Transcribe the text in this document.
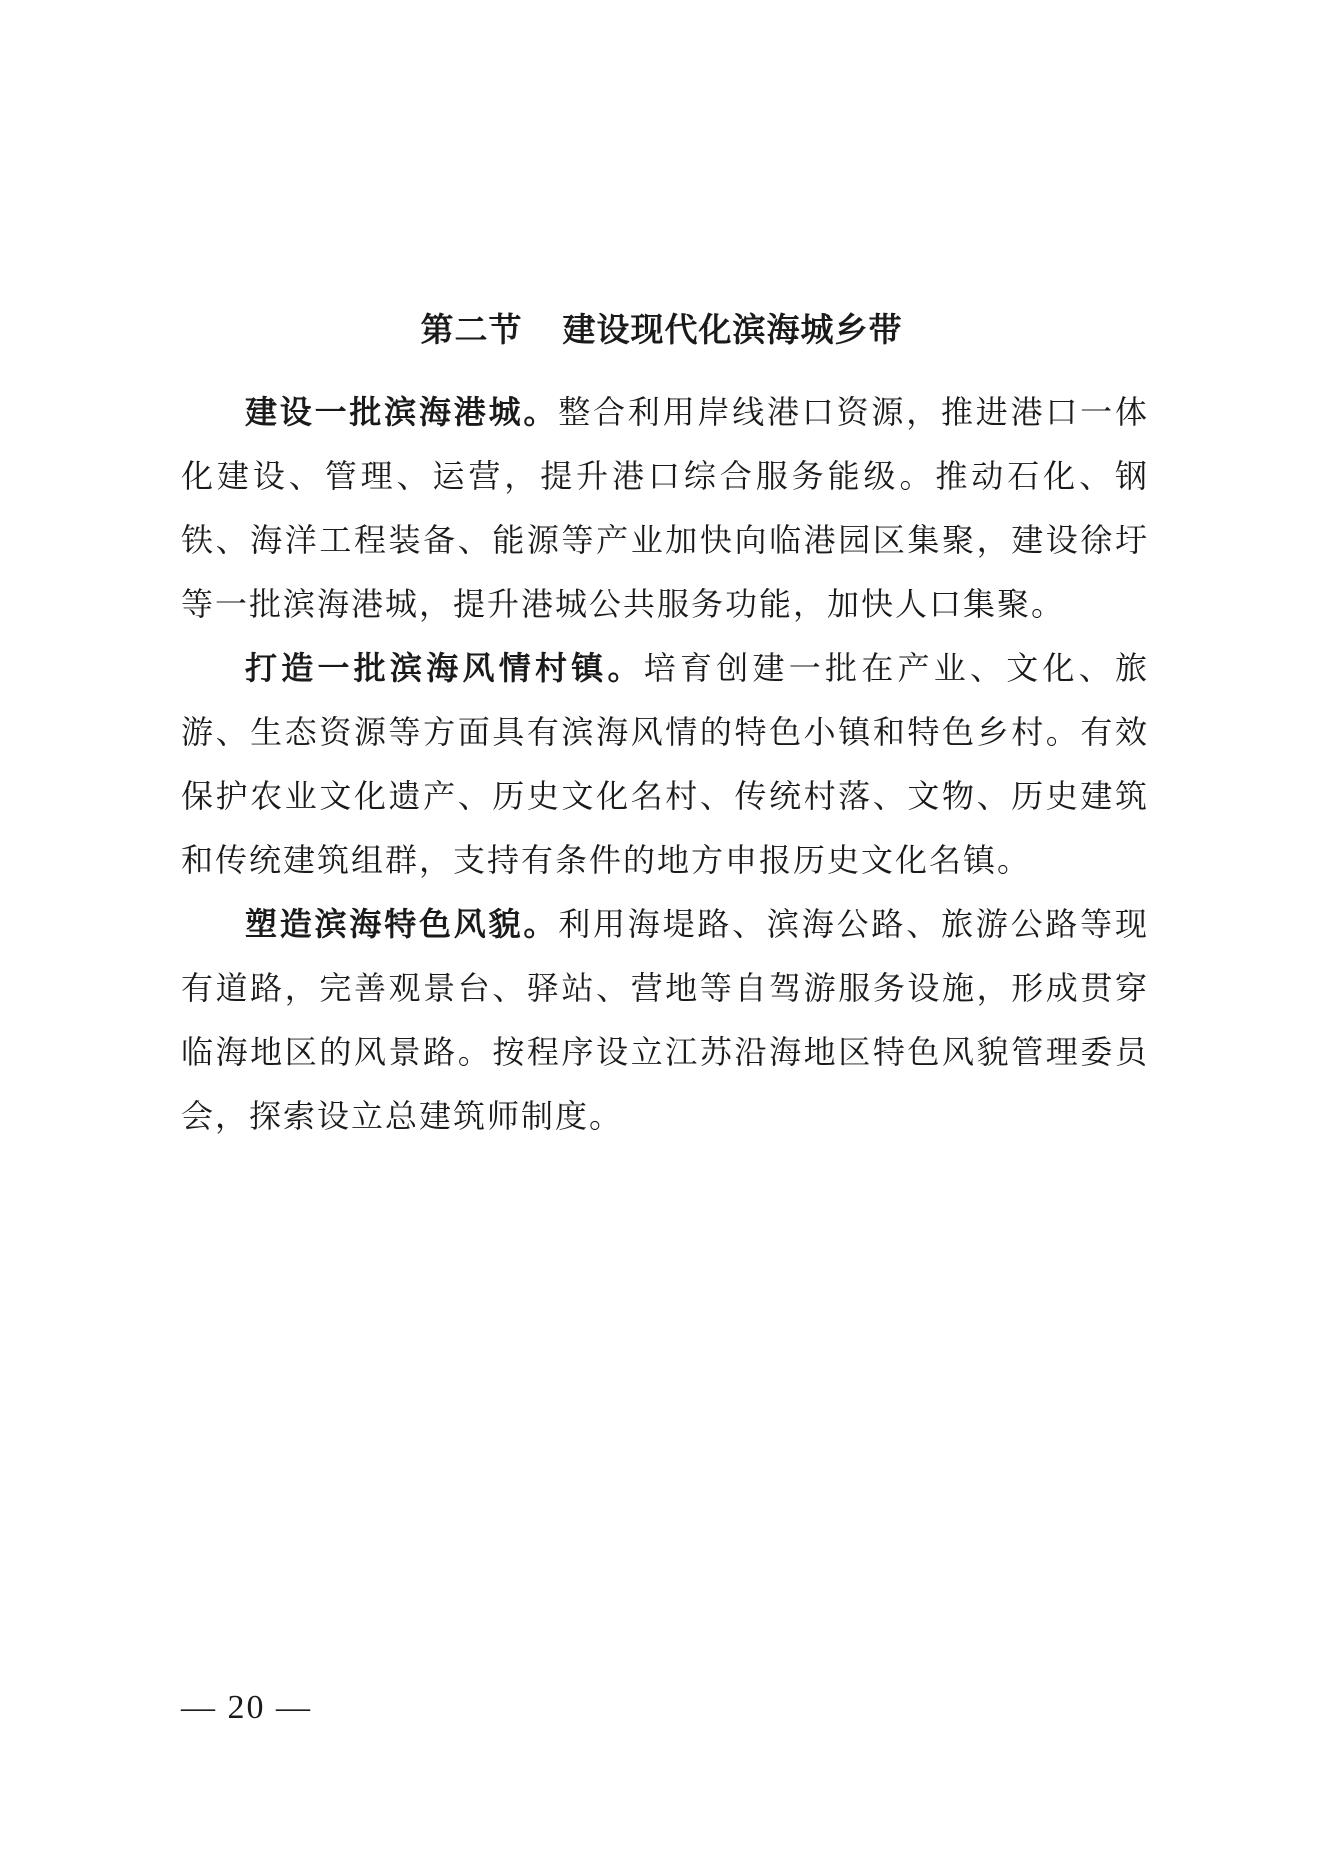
第二节 建设现代化滨海城乡带

建设一批滨海港城。整合利用岸线港口资源，推进港口一体化建设、管理、运营，提升港口综合服务能级。推动石化、钢铁、海洋工程装备、能源等产业加快向临港园区集聚，建设徐圩等一批滨海港城，提升港城公共服务功能，加快人口集聚。

打造一批滨海风情村镇。培育创建一批在产业、文化、旅游、生态资源等方面具有滨海风情的特色小镇和特色乡村。有效保护农业文化遗产、历史文化名村、传统村落、文物、历史建筑和传统建筑组群，支持有条件的地方申报历史文化名镇。

塑造滨海特色风貌。利用海堤路、滨海公路、旅游公路等现有道路，完善观景台、驿站、营地等自驾游服务设施，形成贯穿临海地区的风景路。按程序设立江苏沿海地区特色风貌管理委员会，探索设立总建筑师制度。

— 20 —
